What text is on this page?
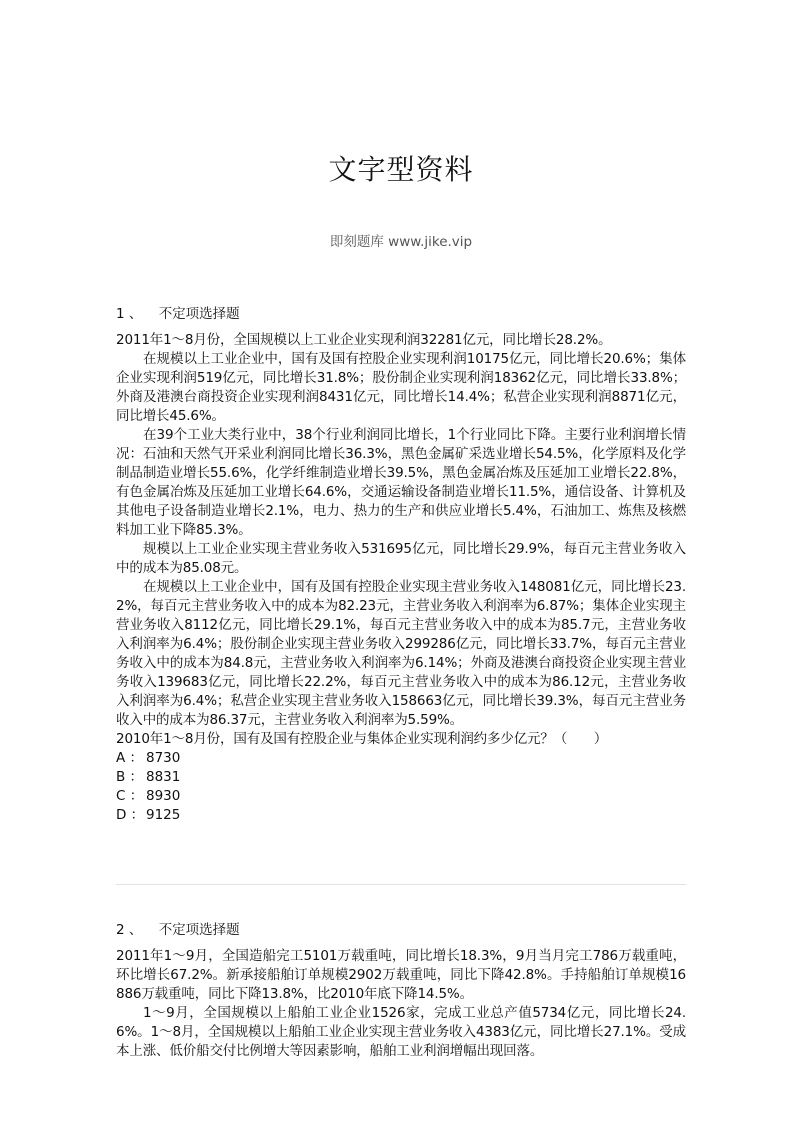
文字型资料
即刻题库 www.jike.vip
1 、 不定项选择题

2011年1～8月份，全国规模以上工业企业实现利润32281亿元，同比增长28.2%。

在规模以上工业企业中，国有及国有控股企业实现利润10175亿元，同比增长20.6%；集体企业实现利润519亿元，同比增长31.8%；股份制企业实现利润18362亿元，同比增长33.8%；外商及港澳台商投资企业实现利润8431亿元，同比增长14.4%；私营企业实现利润8871亿元，同比增长45.6%。

在39个工业大类行业中，38个行业利润同比增长，1个行业同比下降。主要行业利润增长情况：石油和天然气开采业利润同比增长36.3%，黑色金属矿采选业增长54.5%，化学原料及化学制品制造业增长55.6%，化学纤维制造业增长39.5%，黑色金属冶炼及压延加工业增长22.8%，有色金属冶炼及压延加工业增长64.6%，交通运输设备制造业增长11.5%，通信设备、计算机及其他电子设备制造业增长2.1%，电力、热力的生产和供应业增长5.4%，石油加工、炼焦及核燃料加工业下降85.3%。

规模以上工业企业实现主营业务收入531695亿元，同比增长29.9%，每百元主营业务收入中的成本为85.08元。

在规模以上工业企业中，国有及国有控股企业实现主营业务收入148081亿元，同比增长23.2%，每百元主营业务收入中的成本为82.23元，主营业务收入利润率为6.87%；集体企业实现主营业务收入8112亿元，同比增长29.1%，每百元主营业务收入中的成本为85.7元，主营业务收入利润率为6.4%；股份制企业实现主营业务收入299286亿元，同比增长33.7%，每百元主营业务收入中的成本为84.8元，主营业务收入利润率为6.14%；外商及港澳台商投资企业实现主营业务收入139683亿元，同比增长22.2%，每百元主营业务收入中的成本为86.12元，主营业务收入利润率为6.4%；私营企业实现主营业务收入158663亿元，同比增长39.3%，每百元主营业务收入中的成本为86.37元，主营业务收入利润率为5.59%。

2010年1～8月份，国有及国有控股企业与集体企业实现利润约多少亿元？（　　）

A ： 8730
B ： 8831
C ： 8930
D ： 9125
2 、 不定项选择题

2011年1～9月，全国造船完工5101万载重吨，同比增长18.3%，9月当月完工786万载重吨，环比增长67.2%。新承接船舶订单规模2902万载重吨，同比下降42.8%。手持船舶订单规模16886万载重吨，同比下降13.8%，比2010年底下降14.5%。

1～9月，全国规模以上船舶工业企业1526家，完成工业总产值5734亿元，同比增长24.6%。1～8月，全国规模以上船舶工业企业实现主营业务收入4383亿元，同比增长27.1%。受成本上涨、低价船交付比例增大等因素影响，船舶工业利润增幅出现回落。
